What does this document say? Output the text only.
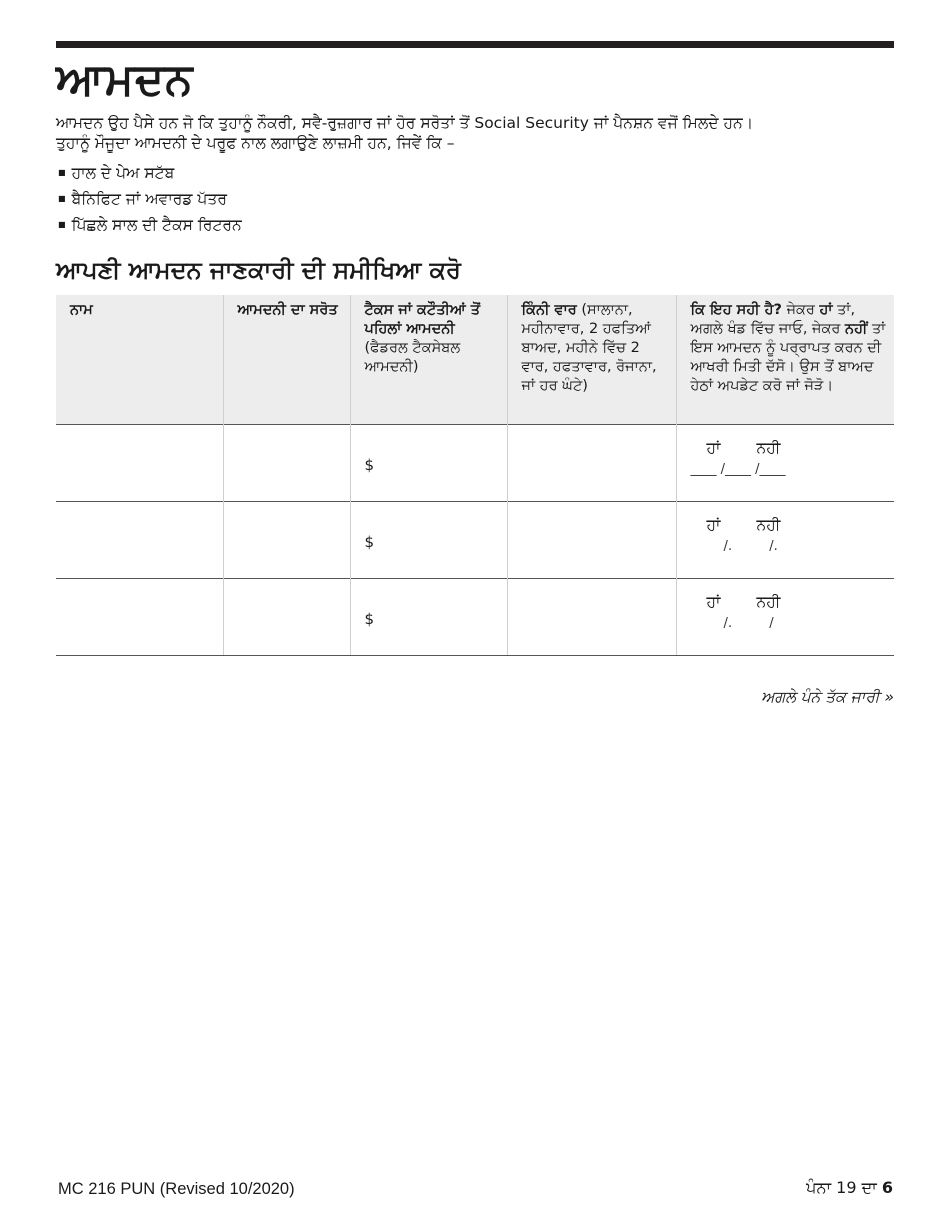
ਆਮਦਨ

ਆਮਦਨ ਉਹ ਪੈਸੇ ਹਨ ਜੋ ਕਿ ਤੁਹਾਨੂੰ ਨੌਕਰੀ, ਸਵੈ-ਰੁਜ਼ਗਾਰ ਜਾਂ ਹੋਰ ਸਰੋਤਾਂ ਤੋਂ Social Security ਜਾਂ ਪੈਨਸ਼ਨ ਵਜੋਂ ਮਿਲਦੇ ਹਨ।

ਤੁਹਾਨੂੰ ਮੌਜੂਦਾ ਆਮਦਨੀ ਦੇ ਪਰੂਫ ਨਾਲ ਲਗਾਉਣੇ ਲਾਜ਼ਮੀ ਹਨ, ਜਿਵੇਂ ਕਿ –

■ ਹਾਲ ਦੇ ਪੇਅ ਸਟੱਬ
■ ਬੈਨਿਫਿਟ ਜਾਂ ਅਵਾਰਡ ਪੱਤਰ
■ ਪਿੱਛਲੇ ਸਾਲ ਦੀ ਟੈਕਸ ਰਿਟਰਨ
ਆਪਣੀ ਆਮਦਨ ਜਾਣਕਾਰੀ ਦੀ ਸਮੀਖਿਆ ਕਰੋ
ਨਾਮ	ਆਮਦਨੀ ਦਾ ਸਰੋਤ	ਟੈਕਸ ਜਾਂ ਕਟੌਤੀਆਂ ਤੋਂ ਪਹਿਲਾਂ ਆਮਦਨੀ (ਫੈਡਰਲ ਟੈਕਸੇਬਲ ਆਮਦਨੀ)	ਕਿੰਨੀ ਵਾਰ (ਸਾਲਾਨਾ, ਮਹੀਨਾਵਾਰ, 2 ਹਫਤਿਆਂ ਬਾਅਦ, ਮਹੀਨੇ ਵਿੱਚ 2 ਵਾਰ, ਹਫਤਾਵਾਰ, ਰੋਜਾਨਾ, ਜਾਂ ਹਰ ਘੰਟੇ)	ਕਿ ਇਹ ਸਹੀ ਹੈ? ਜੇਕਰ ਹਾਂ ਤਾਂ, ਅਗਲੇ ਖੰਡ ਵਿੱਚ ਜਾਓ, ਜੇਕਰ ਨਹੀਂ ਤਾਂ ਇਸ ਆਮਦਨ ਨੂੰ ਪਰ੍ਰਾਪਤ ਕਰਨ ਦੀ ਆਖਰੀ ਮਿਤੀ ਦੱਸੋ। ਉਸ ਤੋਂ ਬਾਅਦ ਹੇਠਾਂ ਅਪਡੇਟ ਕਰੋ ਜਾਂ ਜੋੜੋ।

		$		ਹਾਂ ਨਹੀ
____ /____ /____

		$		ਹਾਂ ਨਹੀ
/.         /.

		$		ਹਾਂ ਨਹੀ
/.         /
ਅਗਲੇ ਪੰਨੇ ਤੱਕ ਜਾਰੀ »
MC 216 PUN (Revised 10/2020)	ਪੰਨਾ 19 ਦਾ 6
